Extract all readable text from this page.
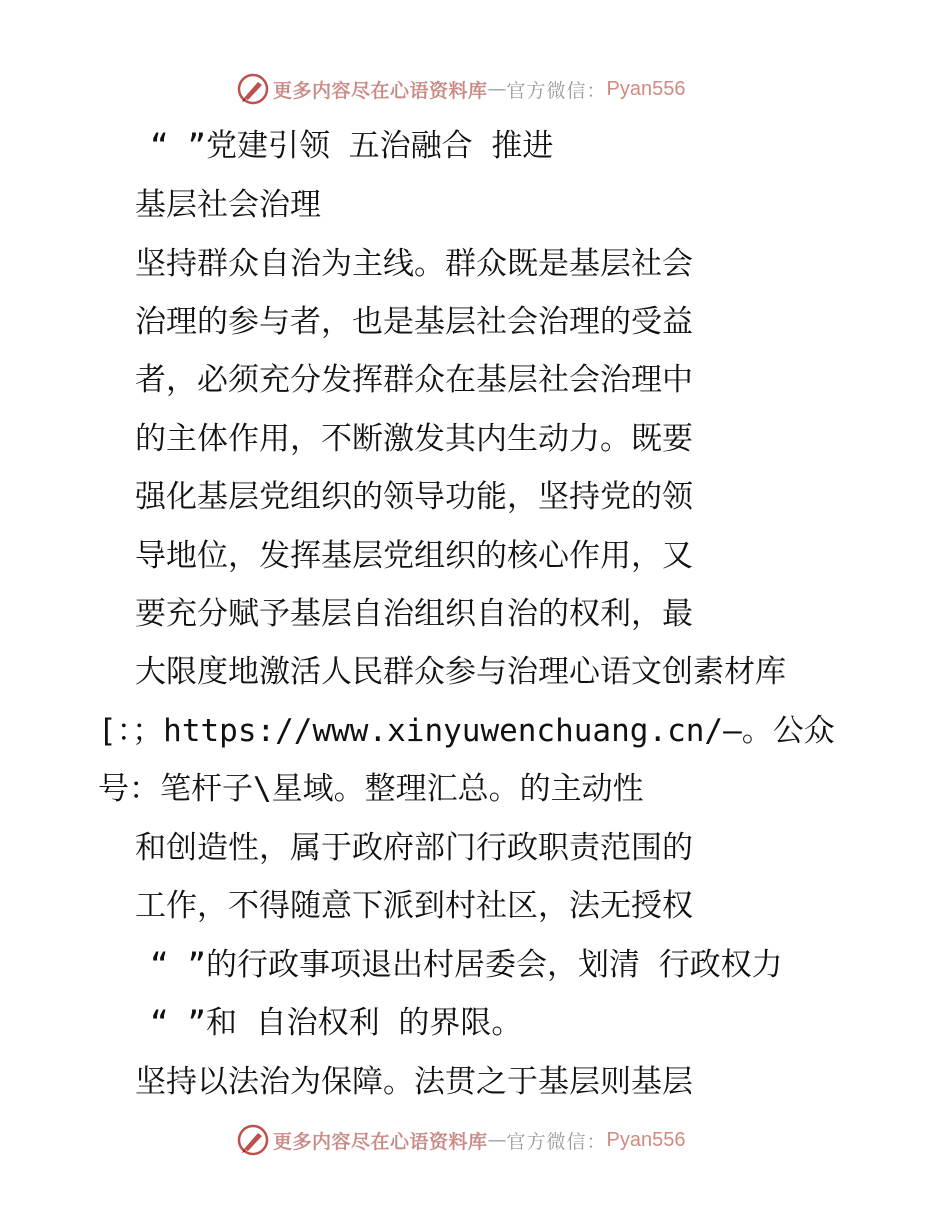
更多内容尽在心语资料库 — 官方微信： Pyan556
“ ”党建引领 五治融合 推进
基层社会治理
坚持群众自治为主线。群众既是基层社会
治理的参与者，也是基层社会治理的受益
者，必须充分发挥群众在基层社会治理中
的主体作用，不断激发其内生动力。既要
强化基层党组织的领导功能，坚持党的领
导地位，发挥基层党组织的核心作用，又
要充分赋予基层自治组织自治的权利，最
大限度地激活人民群众参与治理心语文创素材库
[：；https://www.xinyuwenchuang.cn/—。公众
号：笔杆子\星域。整理汇总。的主动性
和创造性，属于政府部门行政职责范围的
工作，不得随意下派到村社区，法无授权
“ ”的行政事项退出村居委会，划清 行政权力
“ ”和 自治权利 的界限。
坚持以法治为保障。法贯之于基层则基层
更多内容尽在心语资料库 — 官方微信： Pyan556
